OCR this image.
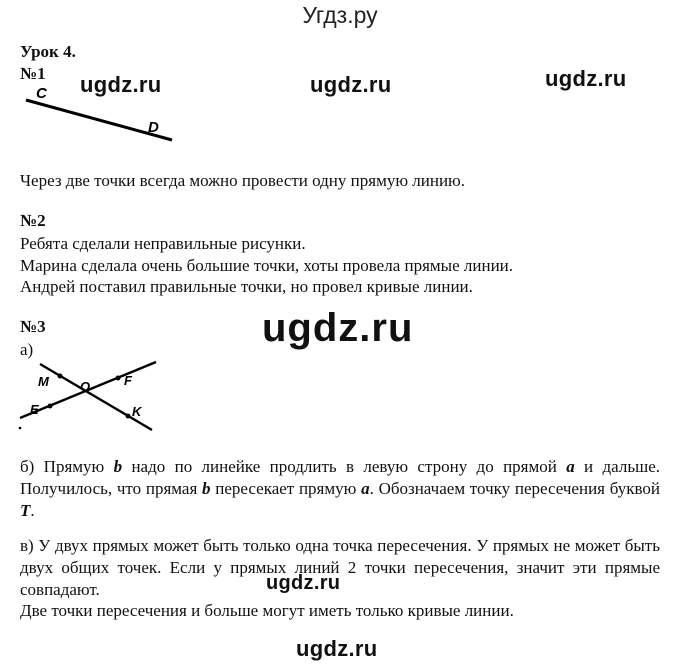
Угдз.ру
Урок 4.
№1 ugdz.ru	ugdz.ru	ugdz.ru
C
D
Через две точки всегда можно провести одну прямую линию.
№2
Ребята сделали неправильные рисунки.
Марина сделала очень большие точки, хоты провела прямые линии.
Андрей поставил правильные точки, но провел кривые линии.
№3	ugdz.ru
а)
M O	F
E	K
б) Прямую b надо по линейке продлить в левую строну до прямой a и дальше. Получилось, что прямая b пересекает прямую a. Обозначаем точку пересечения буквой T.
в) У двух прямых может быть только одна точка пересечения. У прямых не может быть двух общих точек. Если у прямых линий 2 точки пересечения, значит эти прямые совпадают.	ugdz.ru
Две точки пересечения и больше могут иметь только кривые линии.
ugdz.ru
